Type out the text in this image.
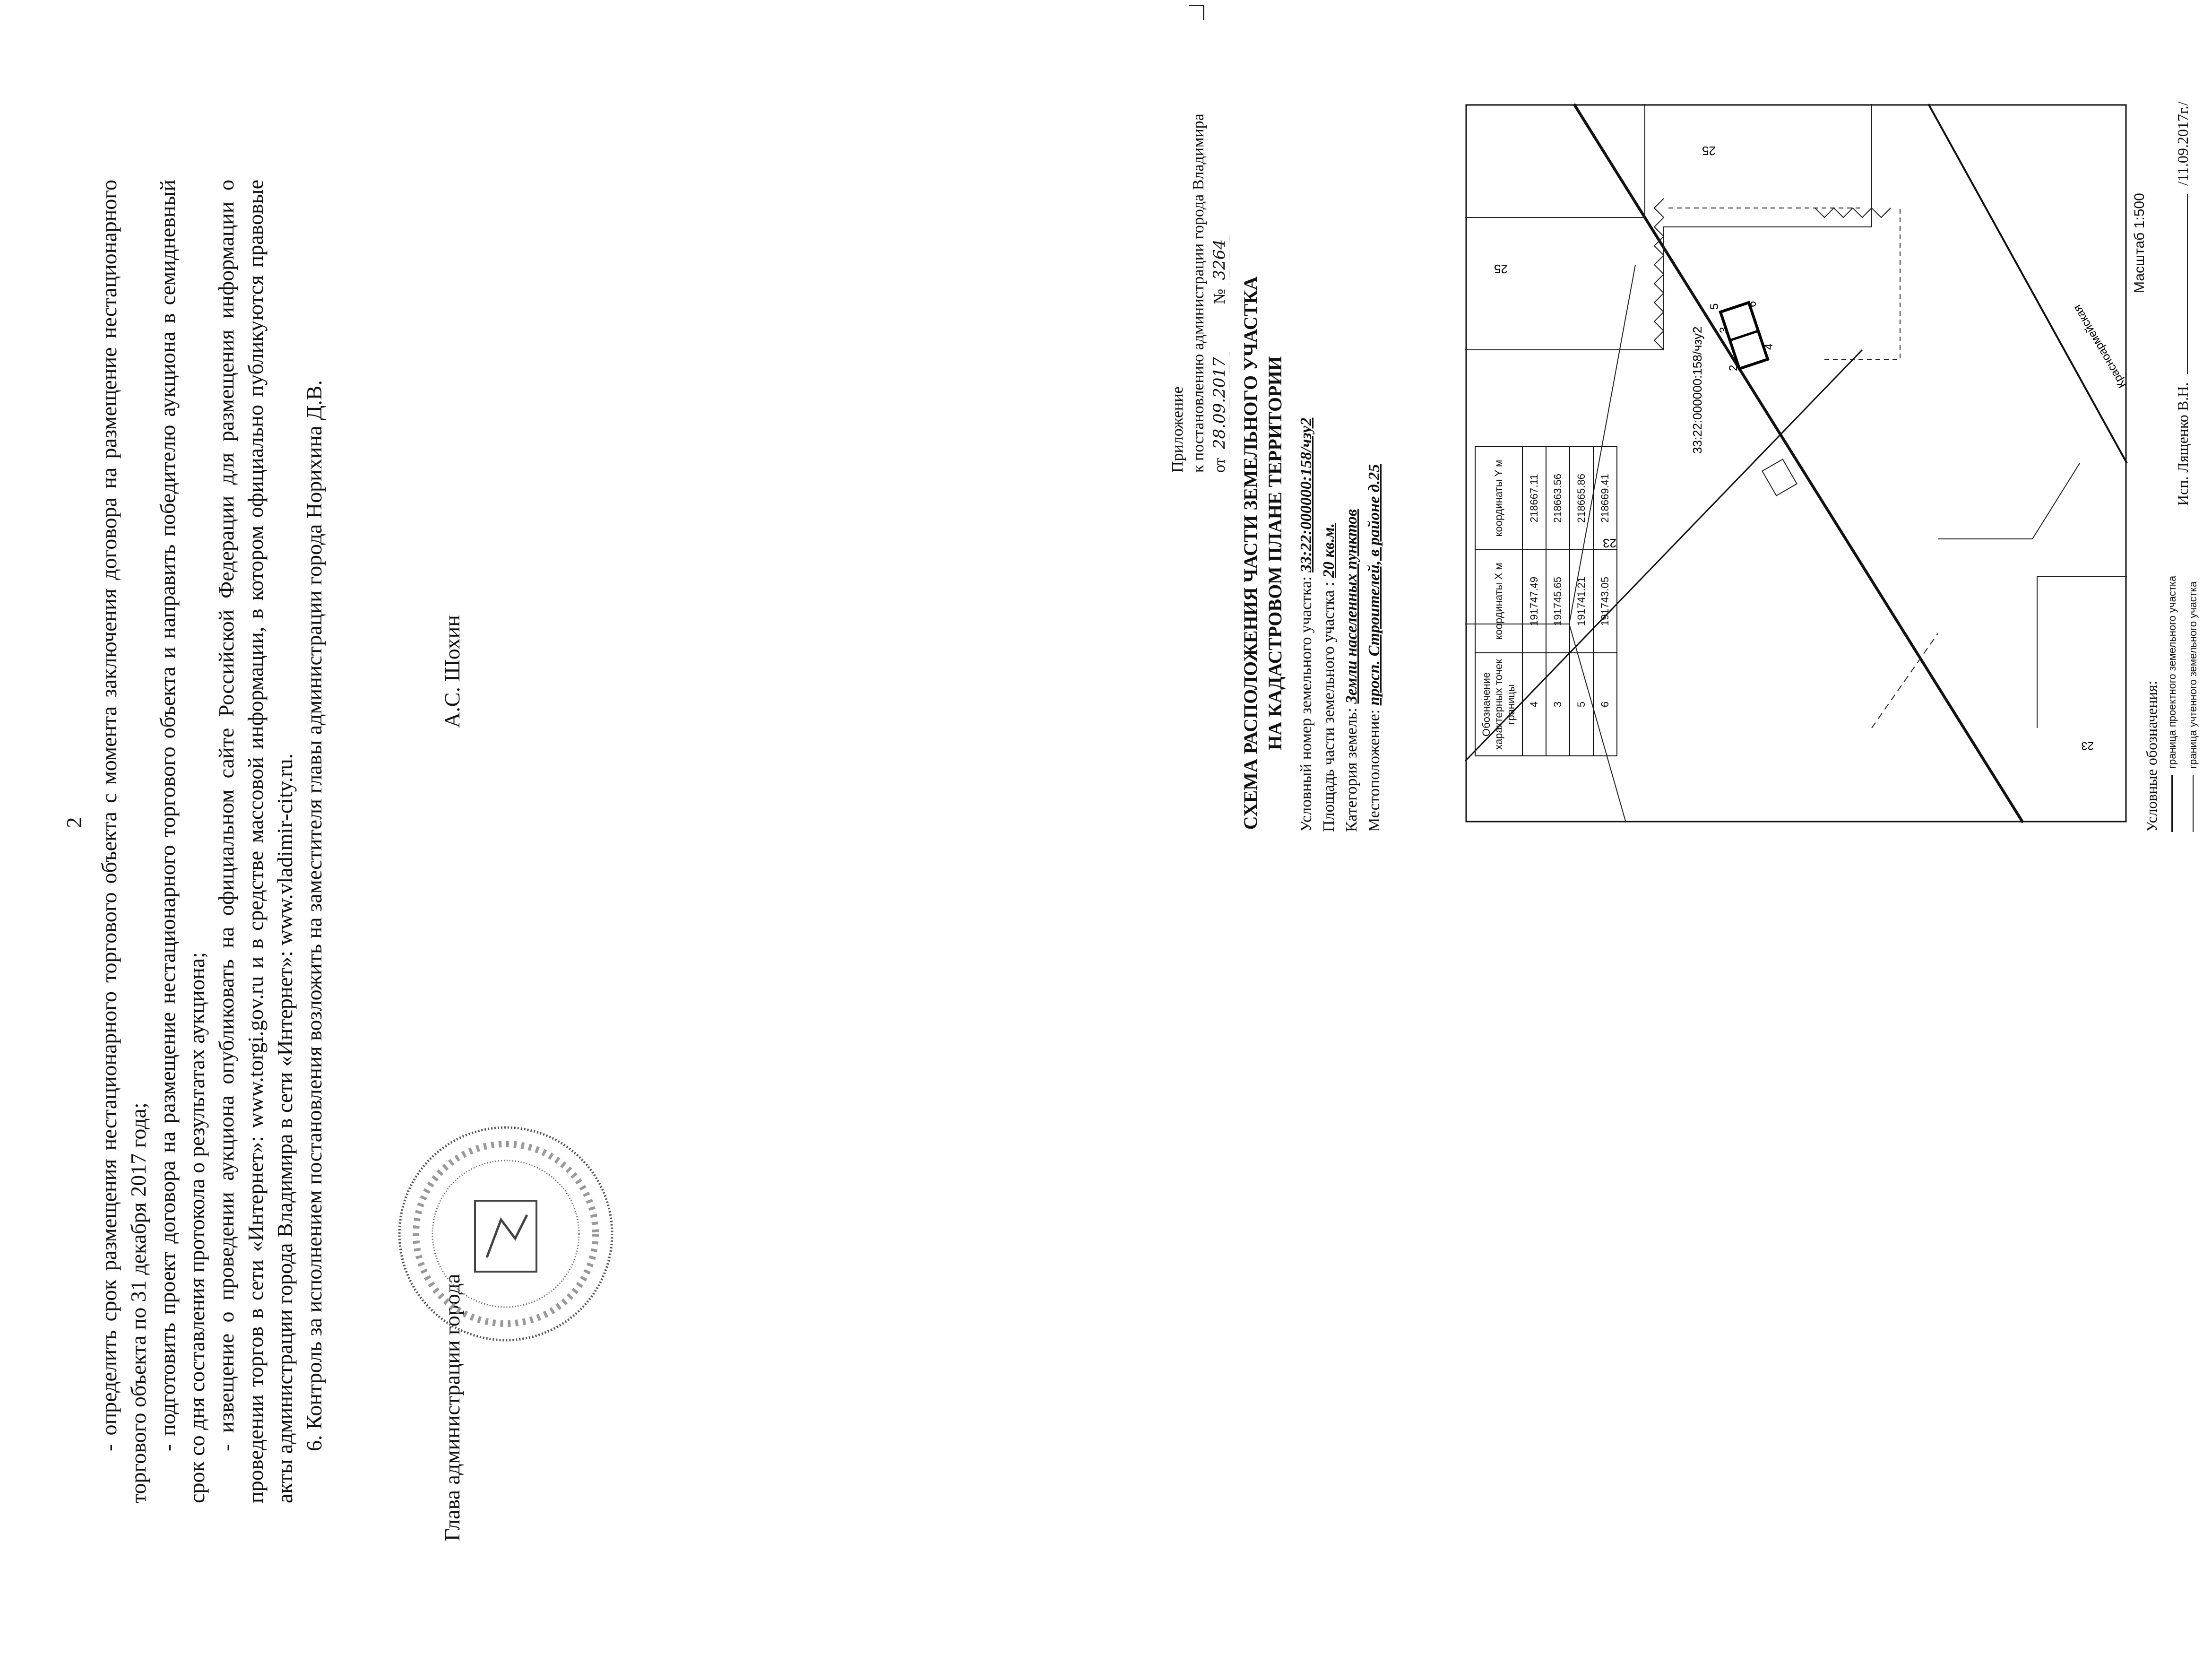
2 - определить срок размещения нестационарного торгового объекта с момента заключения договора на размещение нестационарного торгового объекта по 31 декабря 2017 года; - подготовить проект договора на размещение нестационарного торгового объекта и направить победителю аукциона в семидневный срок со дня составления протокола о результатах аукциона; - извещение о проведении аукциона опубликовать на официальном сайте Российской Федерации для размещения информации о проведении торгов в сети «Интернет»: www.torgi.gov.ru и в средстве массовой информации, в котором официально публикуются правовые акты администрации города Владимира в сети «Интернет»: www.vladimir-city.ru. 6. Контроль за исполнением постановления возложить на заместителя главы администрации города Норихина Д.В.	Глава администрации города
А.С. Шохин
Приложение к постановлению администрации города Владимира от 28.09.2017            № 3264
СХЕМА РАСПОЛОЖЕНИЯ ЧАСТИ ЗЕМЕЛЬНОГО УЧАСТКА НА КАДАСТРОВОМ ПЛАНЕ ТЕРРИТОРИИ Условный номер земельного участка: 33:22:000000:158/чзу2
Площадь части земельного участка : 20 кв.м.
Категория земель: Земли населенных пунктов
Местоположение: просп. Строителей, в районе д.25
23
23
25
25
33:22:000000:158/чзу2	Красноармейская
2
3
4
5 6
Обозначение характерных точек границы	координаты X м	координаты Y м
4	191747.49	218667.11
3	191745.65	218663.56
5	191741.21	218665.86
6	191743.05	218669.41
Условные обозначения: граница проектного земельного участка граница учтенного земельного участка
Масштаб 1:500
Исп. Лященко В.Н.  /11.09.2017г./
